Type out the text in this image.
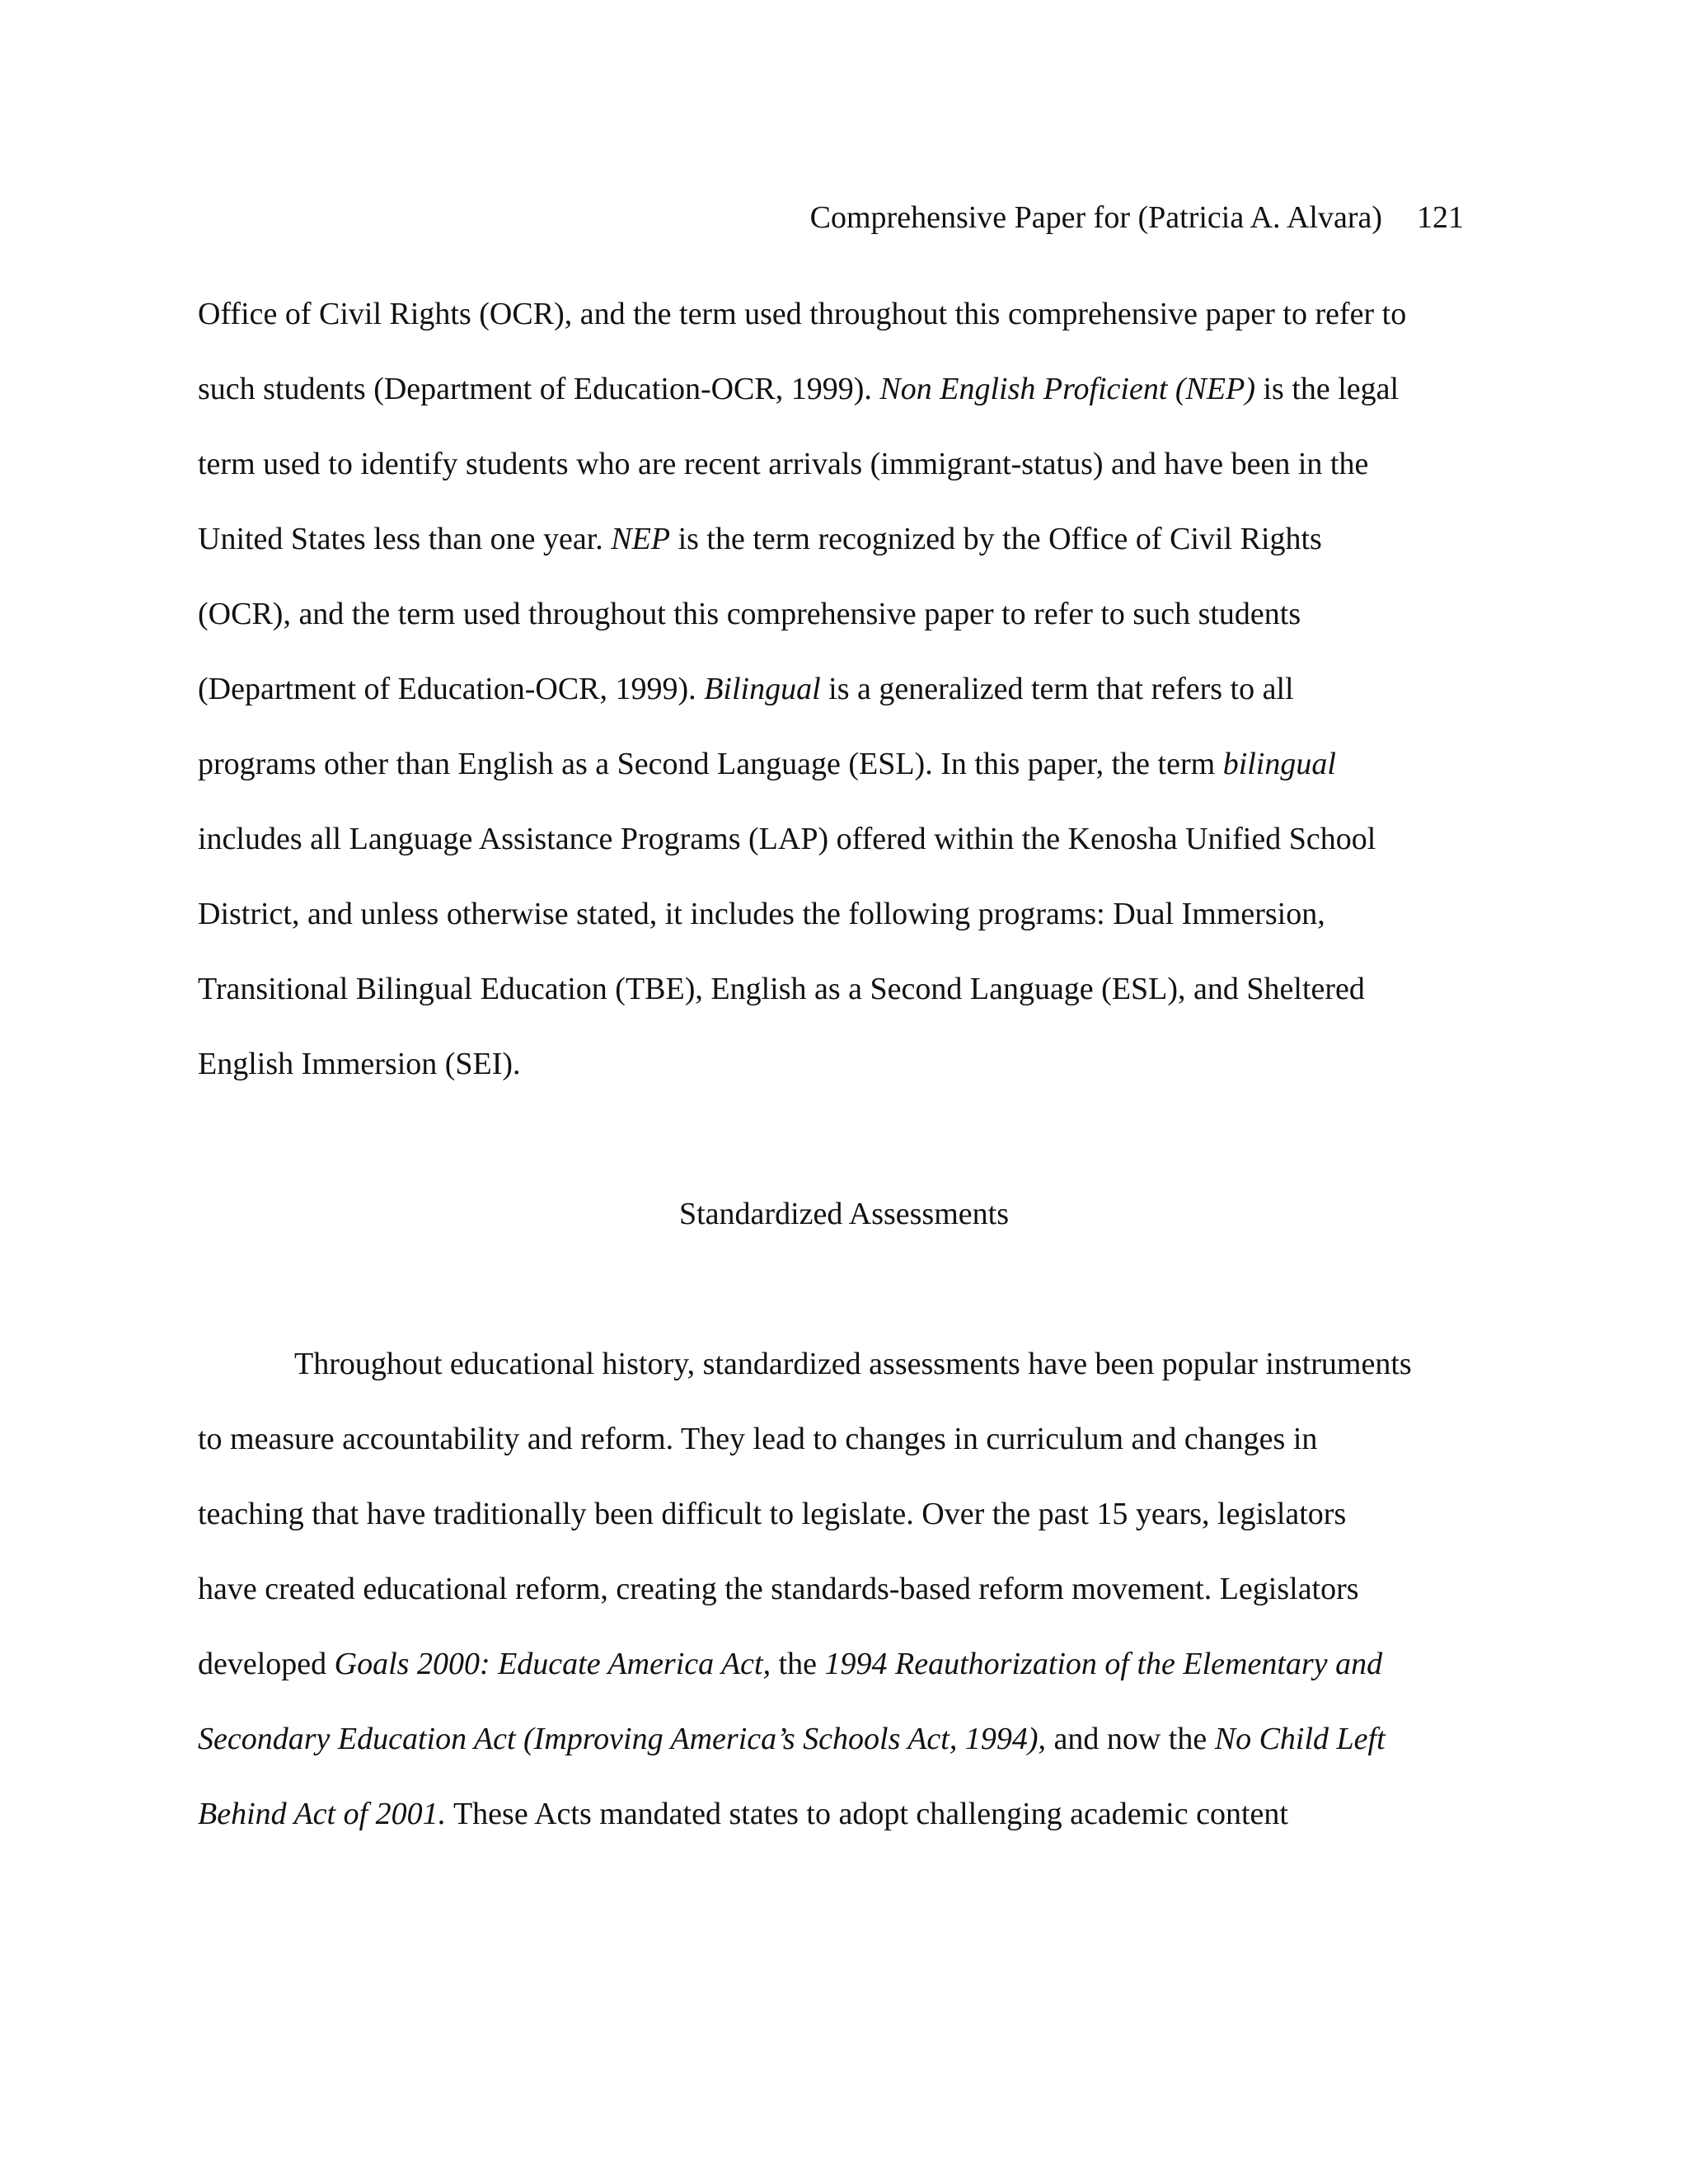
Comprehensive Paper for (Patricia A. Alvara) 121
Office of Civil Rights (OCR), and the term used throughout this comprehensive paper to refer to
such students (Department of Education-OCR, 1999). Non English Proficient (NEP) is the legal
term used to identify students who are recent arrivals (immigrant-status) and have been in the
United States less than one year. NEP is the term recognized by the Office of Civil Rights
(OCR), and the term used throughout this comprehensive paper to refer to such students
(Department of Education-OCR, 1999). Bilingual is a generalized term that refers to all
programs other than English as a Second Language (ESL). In this paper, the term bilingual
includes all Language Assistance Programs (LAP) offered within the Kenosha Unified School
District, and unless otherwise stated, it includes the following programs: Dual Immersion,
Transitional Bilingual Education (TBE), English as a Second Language (ESL), and Sheltered
English Immersion (SEI).
Standardized Assessments
Throughout educational history, standardized assessments have been popular instruments
to measure accountability and reform. They lead to changes in curriculum and changes in
teaching that have traditionally been difficult to legislate. Over the past 15 years, legislators
have created educational reform, creating the standards-based reform movement. Legislators
developed Goals 2000: Educate America Act, the 1994 Reauthorization of the Elementary and
Secondary Education Act (Improving America’s Schools Act, 1994), and now the No Child Left
Behind Act of 2001. These Acts mandated states to adopt challenging academic content
